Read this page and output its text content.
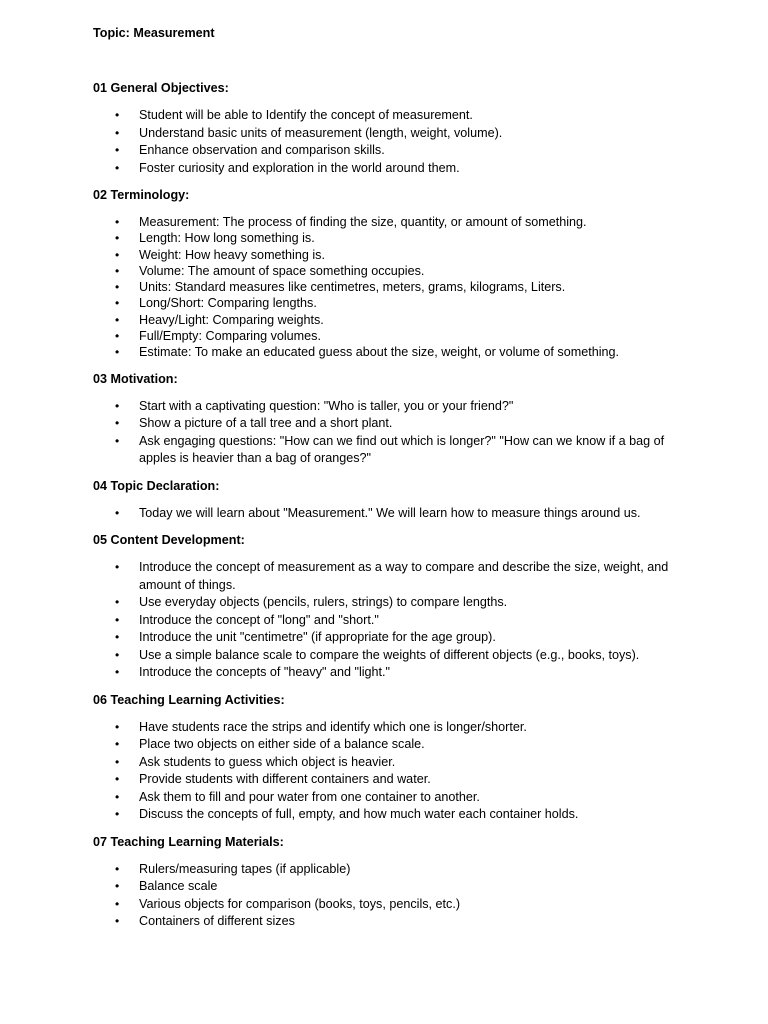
Topic: Measurement

01 General Objectives:

• Student will be able to Identify the concept of measurement.
• Understand basic units of measurement (length, weight, volume).
• Enhance observation and comparison skills.
• Foster curiosity and exploration in the world around them.

02 Terminology:

• Measurement: The process of finding the size, quantity, or amount of something.
• Length: How long something is.
• Weight: How heavy something is.
• Volume: The amount of space something occupies.
• Units: Standard measures like centimetres, meters, grams, kilograms, Liters.
• Long/Short: Comparing lengths.
• Heavy/Light: Comparing weights.
• Full/Empty: Comparing volumes.
• Estimate: To make an educated guess about the size, weight, or volume of something.

03 Motivation:

• Start with a captivating question: "Who is taller, you or your friend?"
• Show a picture of a tall tree and a short plant.
• Ask engaging questions: "How can we find out which is longer?" "How can we know if a bag of apples is heavier than a bag of oranges?"

04 Topic Declaration:

• Today we will learn about "Measurement." We will learn how to measure things around us.

05 Content Development:

• Introduce the concept of measurement as a way to compare and describe the size, weight, and amount of things.
• Use everyday objects (pencils, rulers, strings) to compare lengths.
• Introduce the concept of "long" and "short."
• Introduce the unit "centimetre" (if appropriate for the age group).
• Use a simple balance scale to compare the weights of different objects (e.g., books, toys).
• Introduce the concepts of "heavy" and "light."

06 Teaching Learning Activities:

• Have students race the strips and identify which one is longer/shorter.
• Place two objects on either side of a balance scale.
• Ask students to guess which object is heavier.
• Provide students with different containers and water.
• Ask them to fill and pour water from one container to another.
• Discuss the concepts of full, empty, and how much water each container holds.

07 Teaching Learning Materials:

• Rulers/measuring tapes (if applicable)
• Balance scale
• Various objects for comparison (books, toys, pencils, etc.)
• Containers of different sizes
